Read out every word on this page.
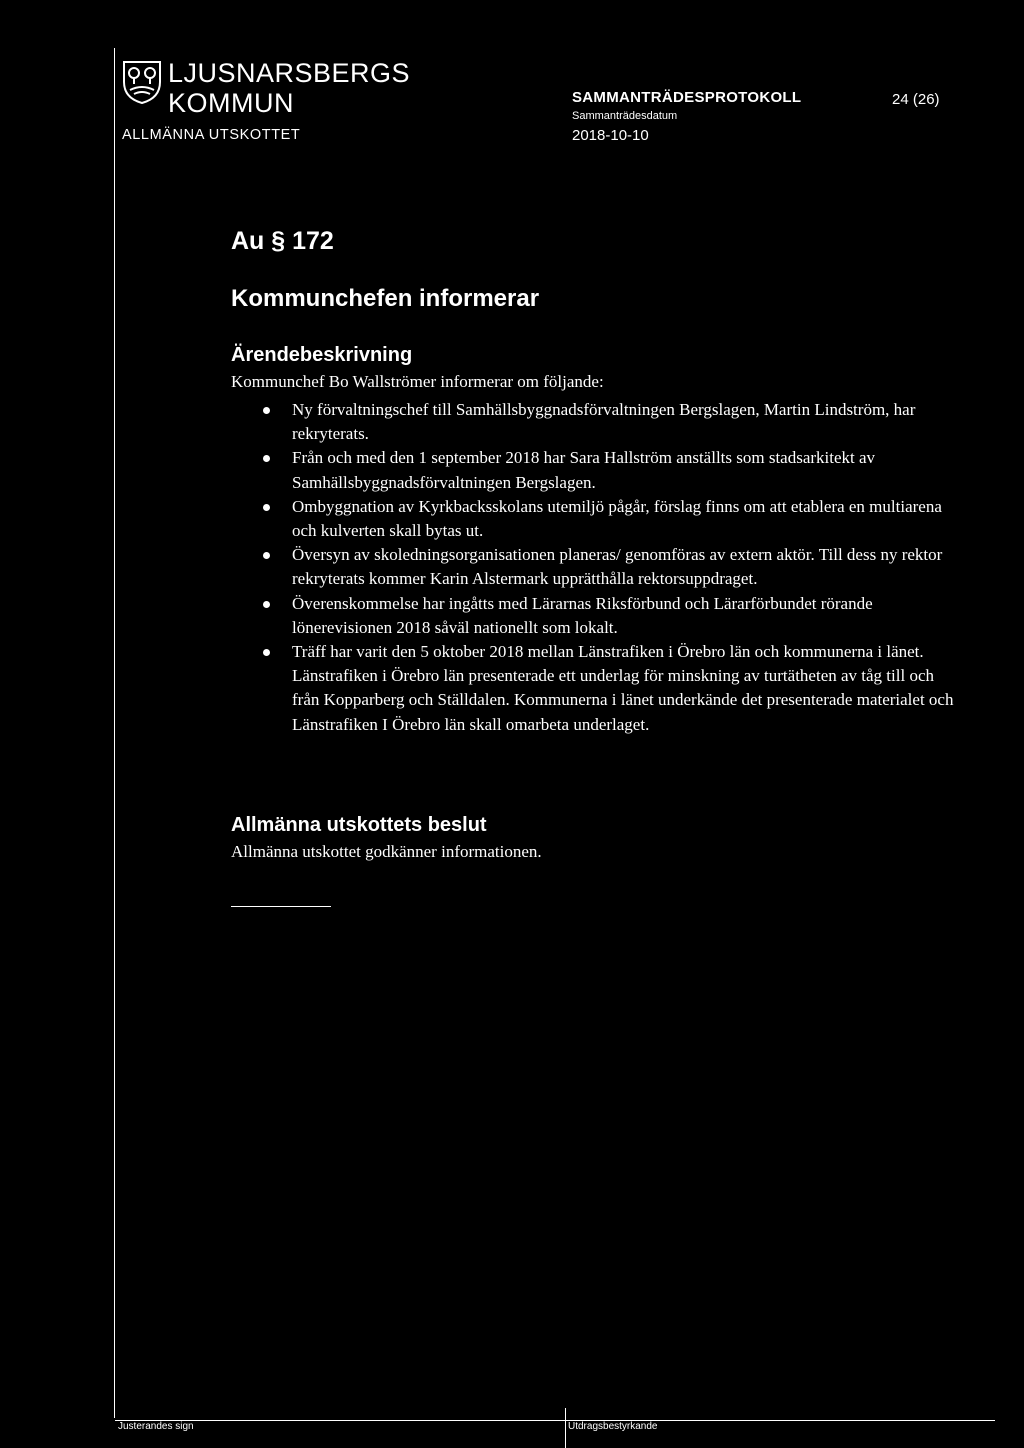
LJUSNARSBERGS
KOMMUN
ALLMÄNNA UTSKOTTET
SAMMANTRÄDESPROTOKOLL	24 (26)
Sammanträdesdatum
2018-10-10
Au § 172
Kommunchefen informerar
Ärendebeskrivning
Kommunchef Bo Wallströmer informerar om följande:
Ny förvaltningschef till Samhällsbyggnadsförvaltningen Bergslagen, Martin Lindström, har rekryterats.
Från och med den 1 september 2018 har Sara Hallström anställts som stadsarkitekt av Samhällsbyggnadsförvaltningen Bergslagen.
Ombyggnation av Kyrkbacksskolans utemiljö pågår, förslag finns om att etablera en multiarena och kulverten skall bytas ut.
Översyn av skoledningsorganisationen planeras/ genomföras av extern aktör. Till dess ny rektor rekryterats kommer Karin Alstermark upprätthålla rektorsuppdraget.
Överenskommelse har ingåtts med Lärarnas Riksförbund och Lärarförbundet rörande lönerevisionen 2018 såväl nationellt som lokalt.
Träff har varit den 5 oktober 2018 mellan Länstrafiken i Örebro län och kommunerna i länet. Länstrafiken i Örebro län presenterade ett underlag för minskning av turtätheten av tåg till och från Kopparberg och Ställdalen. Kommunerna i länet underkände det presenterade materialet och Länstrafiken I Örebro län skall omarbeta underlaget.
Allmänna utskottets beslut
Allmänna utskottet godkänner informationen.
Justerandes sign	Utdragsbestyrkande
